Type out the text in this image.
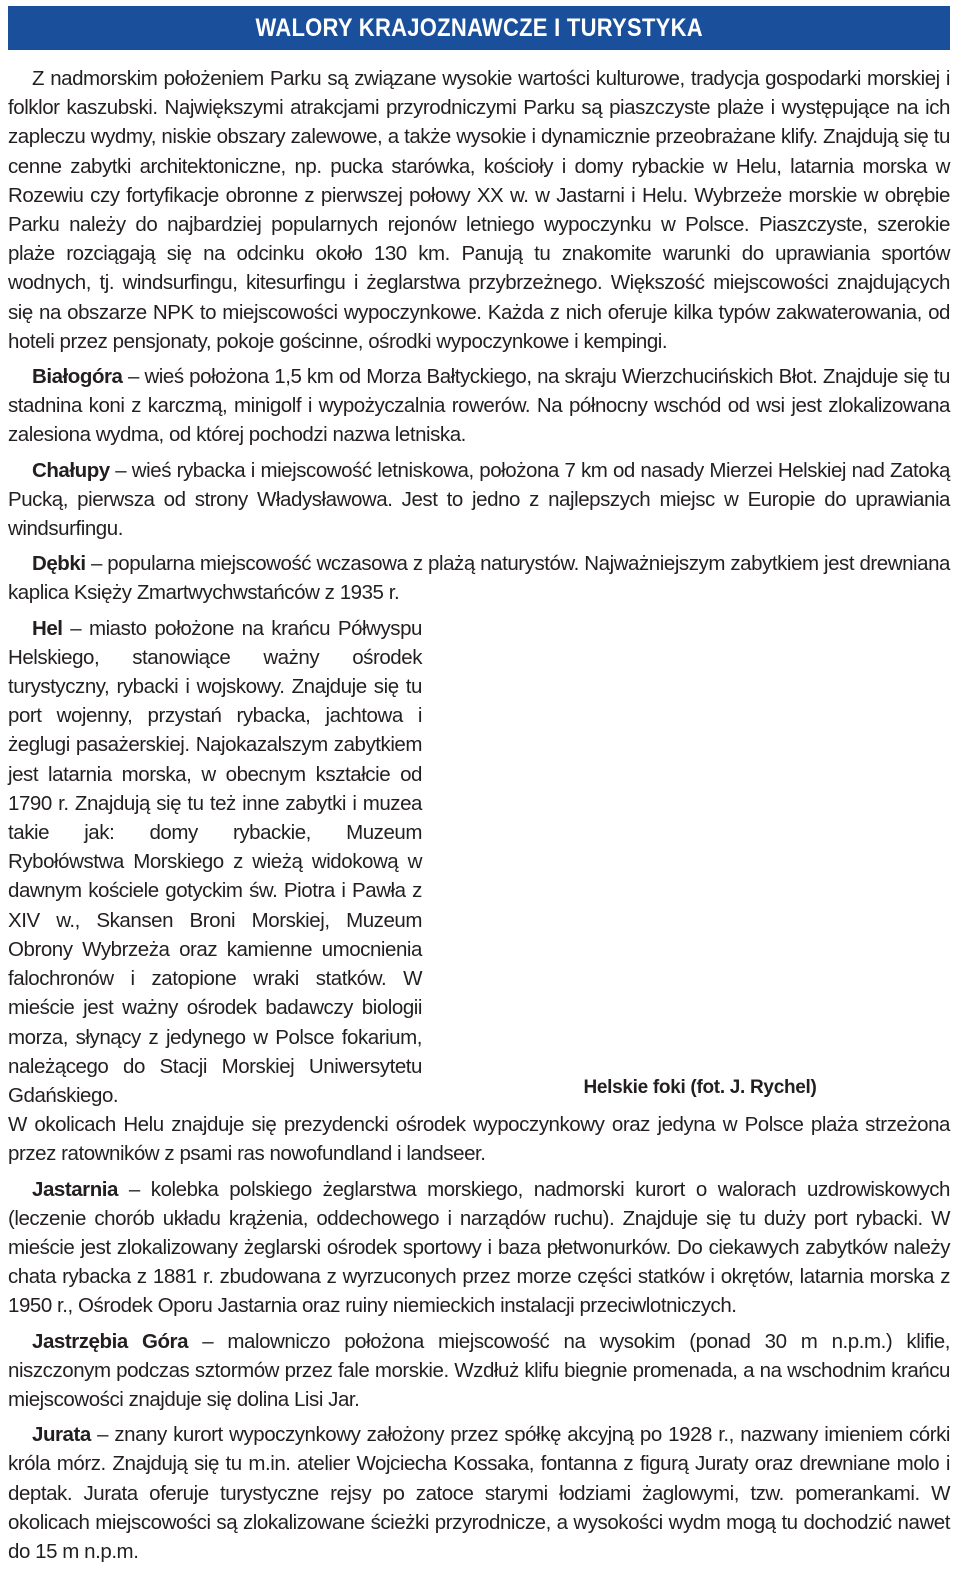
WALORY KRAJOZNAWCZE I TURYSTYKA

Z nadmorskim położeniem Parku są związane wysokie wartości kulturowe, tradycja gospodarki morskiej i folklor kaszubski. Największymi atrakcjami przyrodniczymi Parku są piaszczyste plaże i występujące na ich zapleczu wydmy, niskie obszary zalewowe, a także wysokie i dynamicznie przeobrażane klify. Znajdują się tu cenne zabytki architektoniczne, np. pucka starówka, kościoły i domy rybackie w Helu, latarnia morska w Rozewiu czy fortyfikacje obronne z pierwszej połowy XX w. w Jastarni i Helu. Wybrzeże morskie w obrębie Parku należy do najbardziej popularnych rejonów letniego wypoczynku w Polsce. Piaszczyste, szerokie plaże rozciągają się na odcinku około 130 km. Panują tu znakomite warunki do uprawiania sportów wodnych, tj. windsurfingu, kitesurfingu i żeglarstwa przybrzeżnego. Większość miejscowości znajdujących się na obszarze NPK to miejscowości wypoczynkowe. Każda z nich oferuje kilka typów zakwaterowania, od hoteli przez pensjonaty, pokoje gościnne, ośrodki wypoczynkowe i kempingi.

Białogóra – wieś położona 1,5 km od Morza Bałtyckiego, na skraju Wierzchucińskich Błot. Znajduje się tu stadnina koni z karczmą, minigolf i wypożyczalnia rowerów. Na północny wschód od wsi jest zlokalizowana zalesiona wydma, od której pochodzi nazwa letniska.

Chałupy – wieś rybacka i miejscowość letniskowa, położona 7 km od nasady Mierzei Helskiej nad Zatoką Pucką, pierwsza od strony Władysławowa. Jest to jedno z najlepszych miejsc w Europie do uprawiania windsurfingu.

Dębki – popularna miejscowość wczasowa z plażą naturystów. Najważniejszym zabytkiem jest drewniana kaplica Księży Zmartwychwstańców z 1935 r.

Hel – miasto położone na krańcu Półwyspu Helskiego, stanowiące ważny ośrodek turystyczny, rybacki i wojskowy. Znajduje się tu port wojenny, przystań rybacka, jachtowa i żeglugi pasażerskiej. Najokazalszym zabytkiem jest latarnia morska, w obecnym kształcie od 1790 r. Znajdują się tu też inne zabytki i muzea takie jak: domy rybackie, Muzeum Rybołówstwa Morskiego z wieżą widokową w dawnym kościele gotyckim św. Piotra i Pawła z XIV w., Skansen Broni Morskiej, Muzeum Obrony Wybrzeża oraz kamienne umocnienia falochronów i zatopione wraki statków. W mieście jest ważny ośrodek badawczy biologii morza, słynący z jedynego w Polsce fokarium, należącego do Stacji Morskiej Uniwersytetu Gdańskiego.	Helskie foki (fot. J. Rychel)
W okolicach Helu znajduje się prezydencki ośrodek wypoczynkowy oraz jedyna w Polsce plaża strzeżona przez ratowników z psami ras nowofundland i landseer.

Jastarnia – kolebka polskiego żeglarstwa morskiego, nadmorski kurort o walorach uzdrowiskowych (leczenie chorób układu krążenia, oddechowego i narządów ruchu). Znajduje się tu duży port rybacki. W mieście jest zlokalizowany żeglarski ośrodek sportowy i baza płetwonurków. Do ciekawych zabytków należy chata rybacka z 1881 r. zbudowana z wyrzuconych przez morze części statków i okrętów, latarnia morska z 1950 r., Ośrodek Oporu Jastarnia oraz ruiny niemieckich instalacji przeciwlotniczych.

Jastrzębia Góra – malowniczo położona miejscowość na wysokim (ponad 30 m n.p.m.) klifie, niszczonym podczas sztormów przez fale morskie. Wzdłuż klifu biegnie promenada, a na wschodnim krańcu miejscowości znajduje się dolina Lisi Jar.

Jurata – znany kurort wypoczynkowy założony przez spółkę akcyjną po 1928 r., nazwany imieniem córki króla mórz. Znajdują się tu m.in. atelier Wojciecha Kossaka, fontanna z figurą Juraty oraz drewniane molo i deptak. Jurata oferuje turystyczne rejsy po zatoce starymi łodziami żaglowymi, tzw. pomerankami. W okolicach miejscowości są zlokalizowane ścieżki przyrodnicze, a wysokości wydm mogą tu dochodzić nawet do 15 m n.p.m.
